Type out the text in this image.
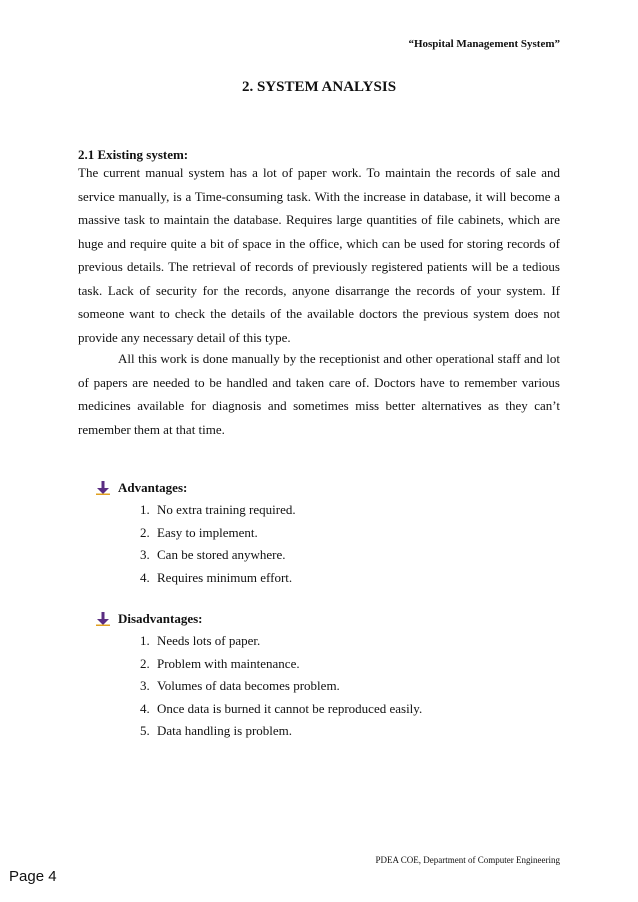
“Hospital Management System”
2. SYSTEM ANALYSIS
2.1 Existing system:

The current manual system has a lot of paper work. To maintain the records of sale and service manually, is a Time-consuming task. With the increase in database, it will become a massive task to maintain the database. Requires large quantities of file cabinets, which are huge and require quite a bit of space in the office, which can be used for storing records of previous details. The retrieval of records of previously registered patients will be a tedious task. Lack of security for the records, anyone disarrange the records of your system. If someone want to check the details of the available doctors the previous system does not provide any necessary detail of this type.

All this work is done manually by the receptionist and other operational staff and lot of papers are needed to be handled and taken care of. Doctors have to remember various medicines available for diagnosis and sometimes miss better alternatives as they can’t remember them at that time.

Advantages:
1. No extra training required.
2. Easy to implement.
3. Can be stored anywhere.
4. Requires minimum effort.
Disadvantages:
1. Needs lots of paper.
2. Problem with maintenance.
3. Volumes of data becomes problem.
4. Once data is burned it cannot be reproduced easily.
5. Data handling is problem.
PDEA COE, Department of Computer Engineering
Page 4
